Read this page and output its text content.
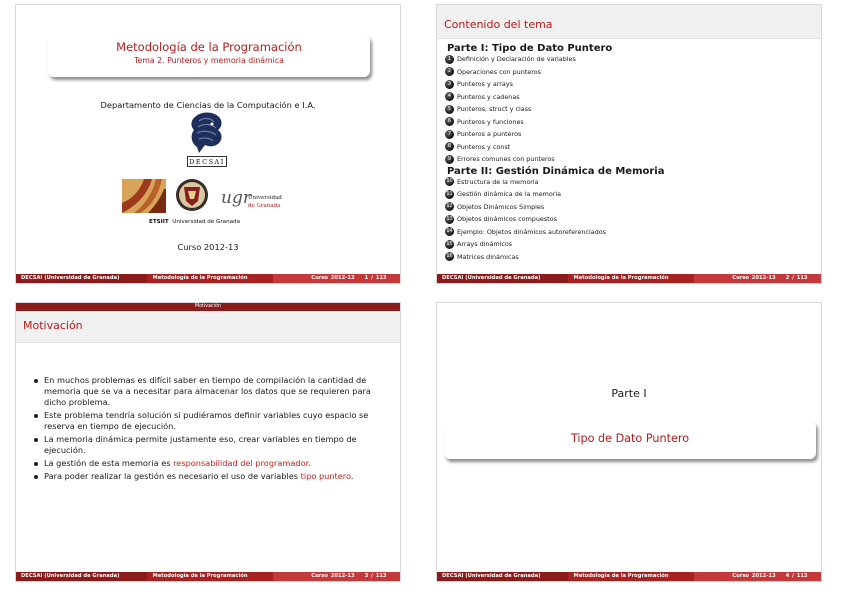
Metodología de la Programación
Tema 2. Punteros y memoria dinámica
Departamento de Ciencias de la Computación e I.A.
DECSAI
ugr
Universidad
de Granada
ETSIIT Universidad de Granada
Curso 2012-13
DECSAI (Universidad de Granada)	Metodología de la Programación	Curso 2012-13 1 / 113
Contenido del tema
Parte I: Tipo de Dato Puntero
1 Definición y Declaración de variables
2 Operaciones con punteros
3 Punteros y arrays
4 Punteros y cadenas
5 Punteros, struct y class
6 Punteros y funciones
7 Punteros a punteros
8 Punteros y const
9 Errores comunes con punteros
Parte II: Gestión Dinámica de Memoria
10 Estructura de la memoria
11 Gestión dinámica de la memoria
12 Objetos Dinámicos Simples
13 Objetos dinámicos compuestos
14 Ejemplo: Objetos dinámicos autoreferenciados
15 Arrays dinámicos
16 Matrices dinámicas
DECSAI (Universidad de Granada)	Metodología de la Programación	Curso 2012-13 2 / 113
Motivación
Motivación
En muchos problemas es difícil saber en tiempo de compilación la cantidad de memoria que se va a necesitar para almacenar los datos que se requieren para dicho problema.
Este problema tendría solución si pudiéramos definir variables cuyo espacio se reserva en tiempo de ejecución.
La memoria dinámica permite justamente eso, crear variables en tiempo de ejecución.
La gestión de esta memoria es responsabilidad del programador.
Para poder realizar la gestión es necesario el uso de variables tipo puntero.
DECSAI (Universidad de Granada)	Metodología de la Programación	Curso 2012-13 3 / 113
Parte I
Tipo de Dato Puntero
DECSAI (Universidad de Granada)	Metodología de la Programación	Curso 2012-13 4 / 113
